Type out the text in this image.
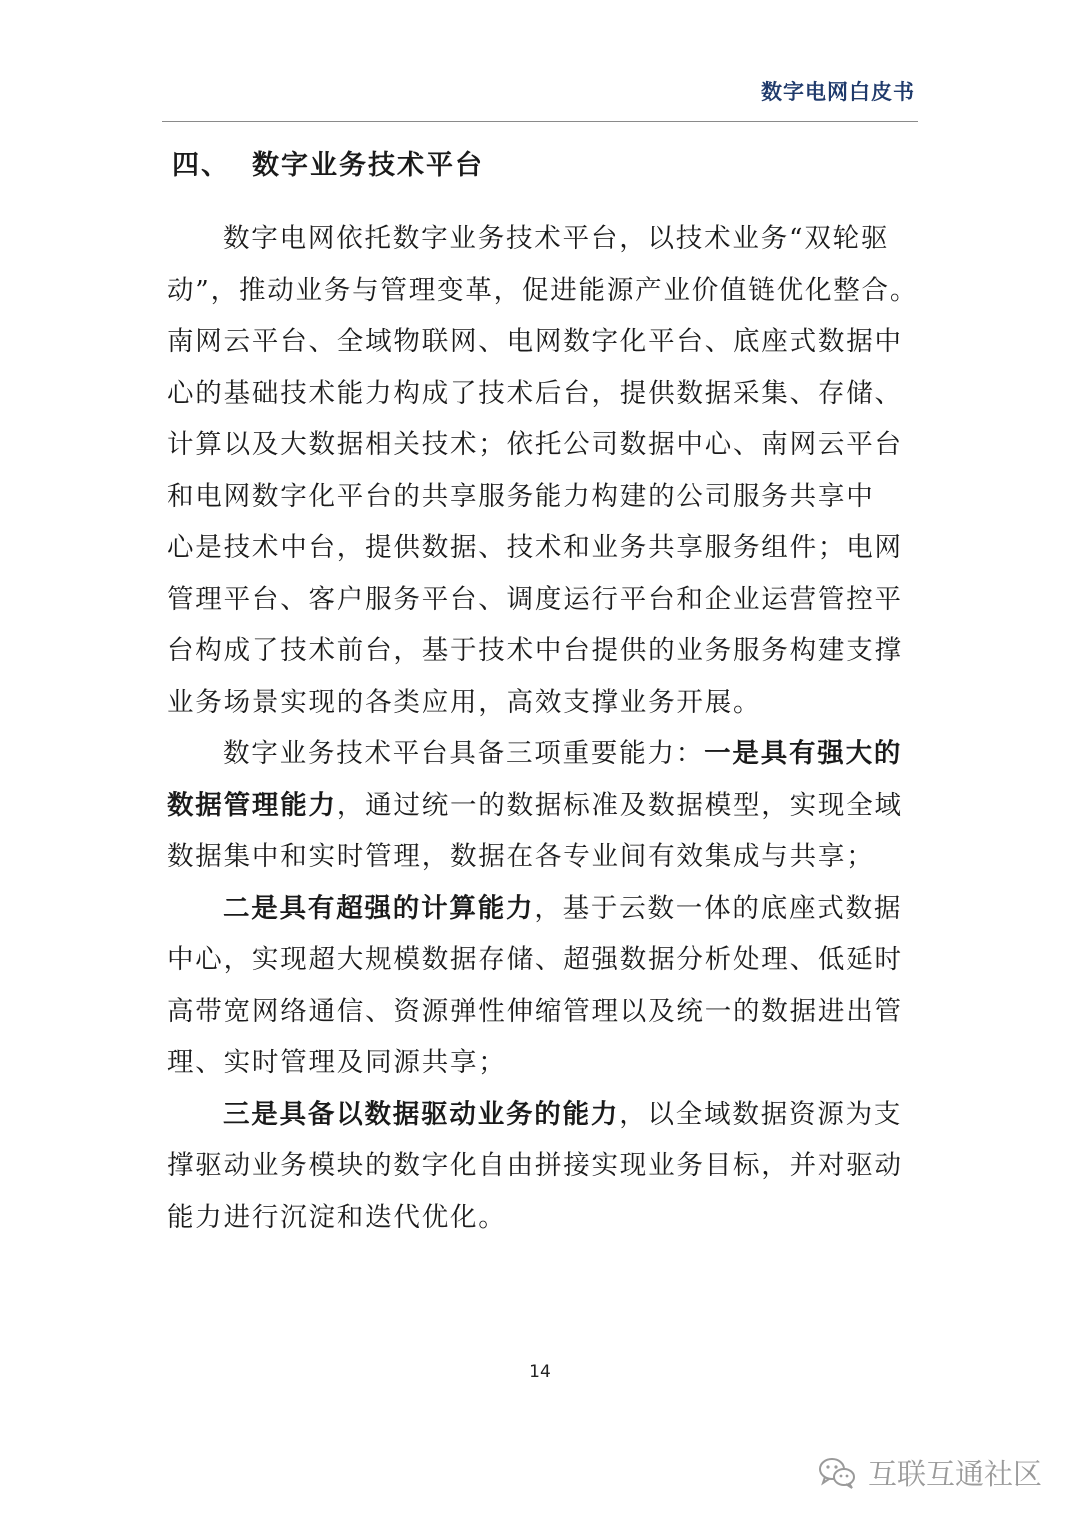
数字电网白皮书
四、 数字业务技术平台

数字电网依托数字业务技术平台，以技术业务“双轮驱
动”，推动业务与管理变革，促进能源产业价值链优化整合。
南网云平台、全域物联网、电网数字化平台、底座式数据中
心的基础技术能力构成了技术后台，提供数据采集、存储、
计算以及大数据相关技术；依托公司数据中心、南网云平台
和电网数字化平台的共享服务能力构建的公司服务共享中
心是技术中台，提供数据、技术和业务共享服务组件；电网
管理平台、客户服务平台、调度运行平台和企业运营管控平
台构成了技术前台，基于技术中台提供的业务服务构建支撑
业务场景实现的各类应用，高效支撑业务开展。

数字业务技术平台具备三项重要能力：一是具有强大的数据管理能力，通过统一的数据标准及数据模型，实现全域数据集中和实时管理，数据在各专业间有效集成与共享；

二是具有超强的计算能力，基于云数一体的底座式数据中心，实现超大规模数据存储、超强数据分析处理、低延时高带宽网络通信、资源弹性伸缩管理以及统一的数据进出管理、实时管理及同源共享；

三是具备以数据驱动业务的能力，以全域数据资源为支撑驱动业务模块的数字化自由拼接实现业务目标，并对驱动能力进行沉淀和迭代优化。

14
互联互通社区
